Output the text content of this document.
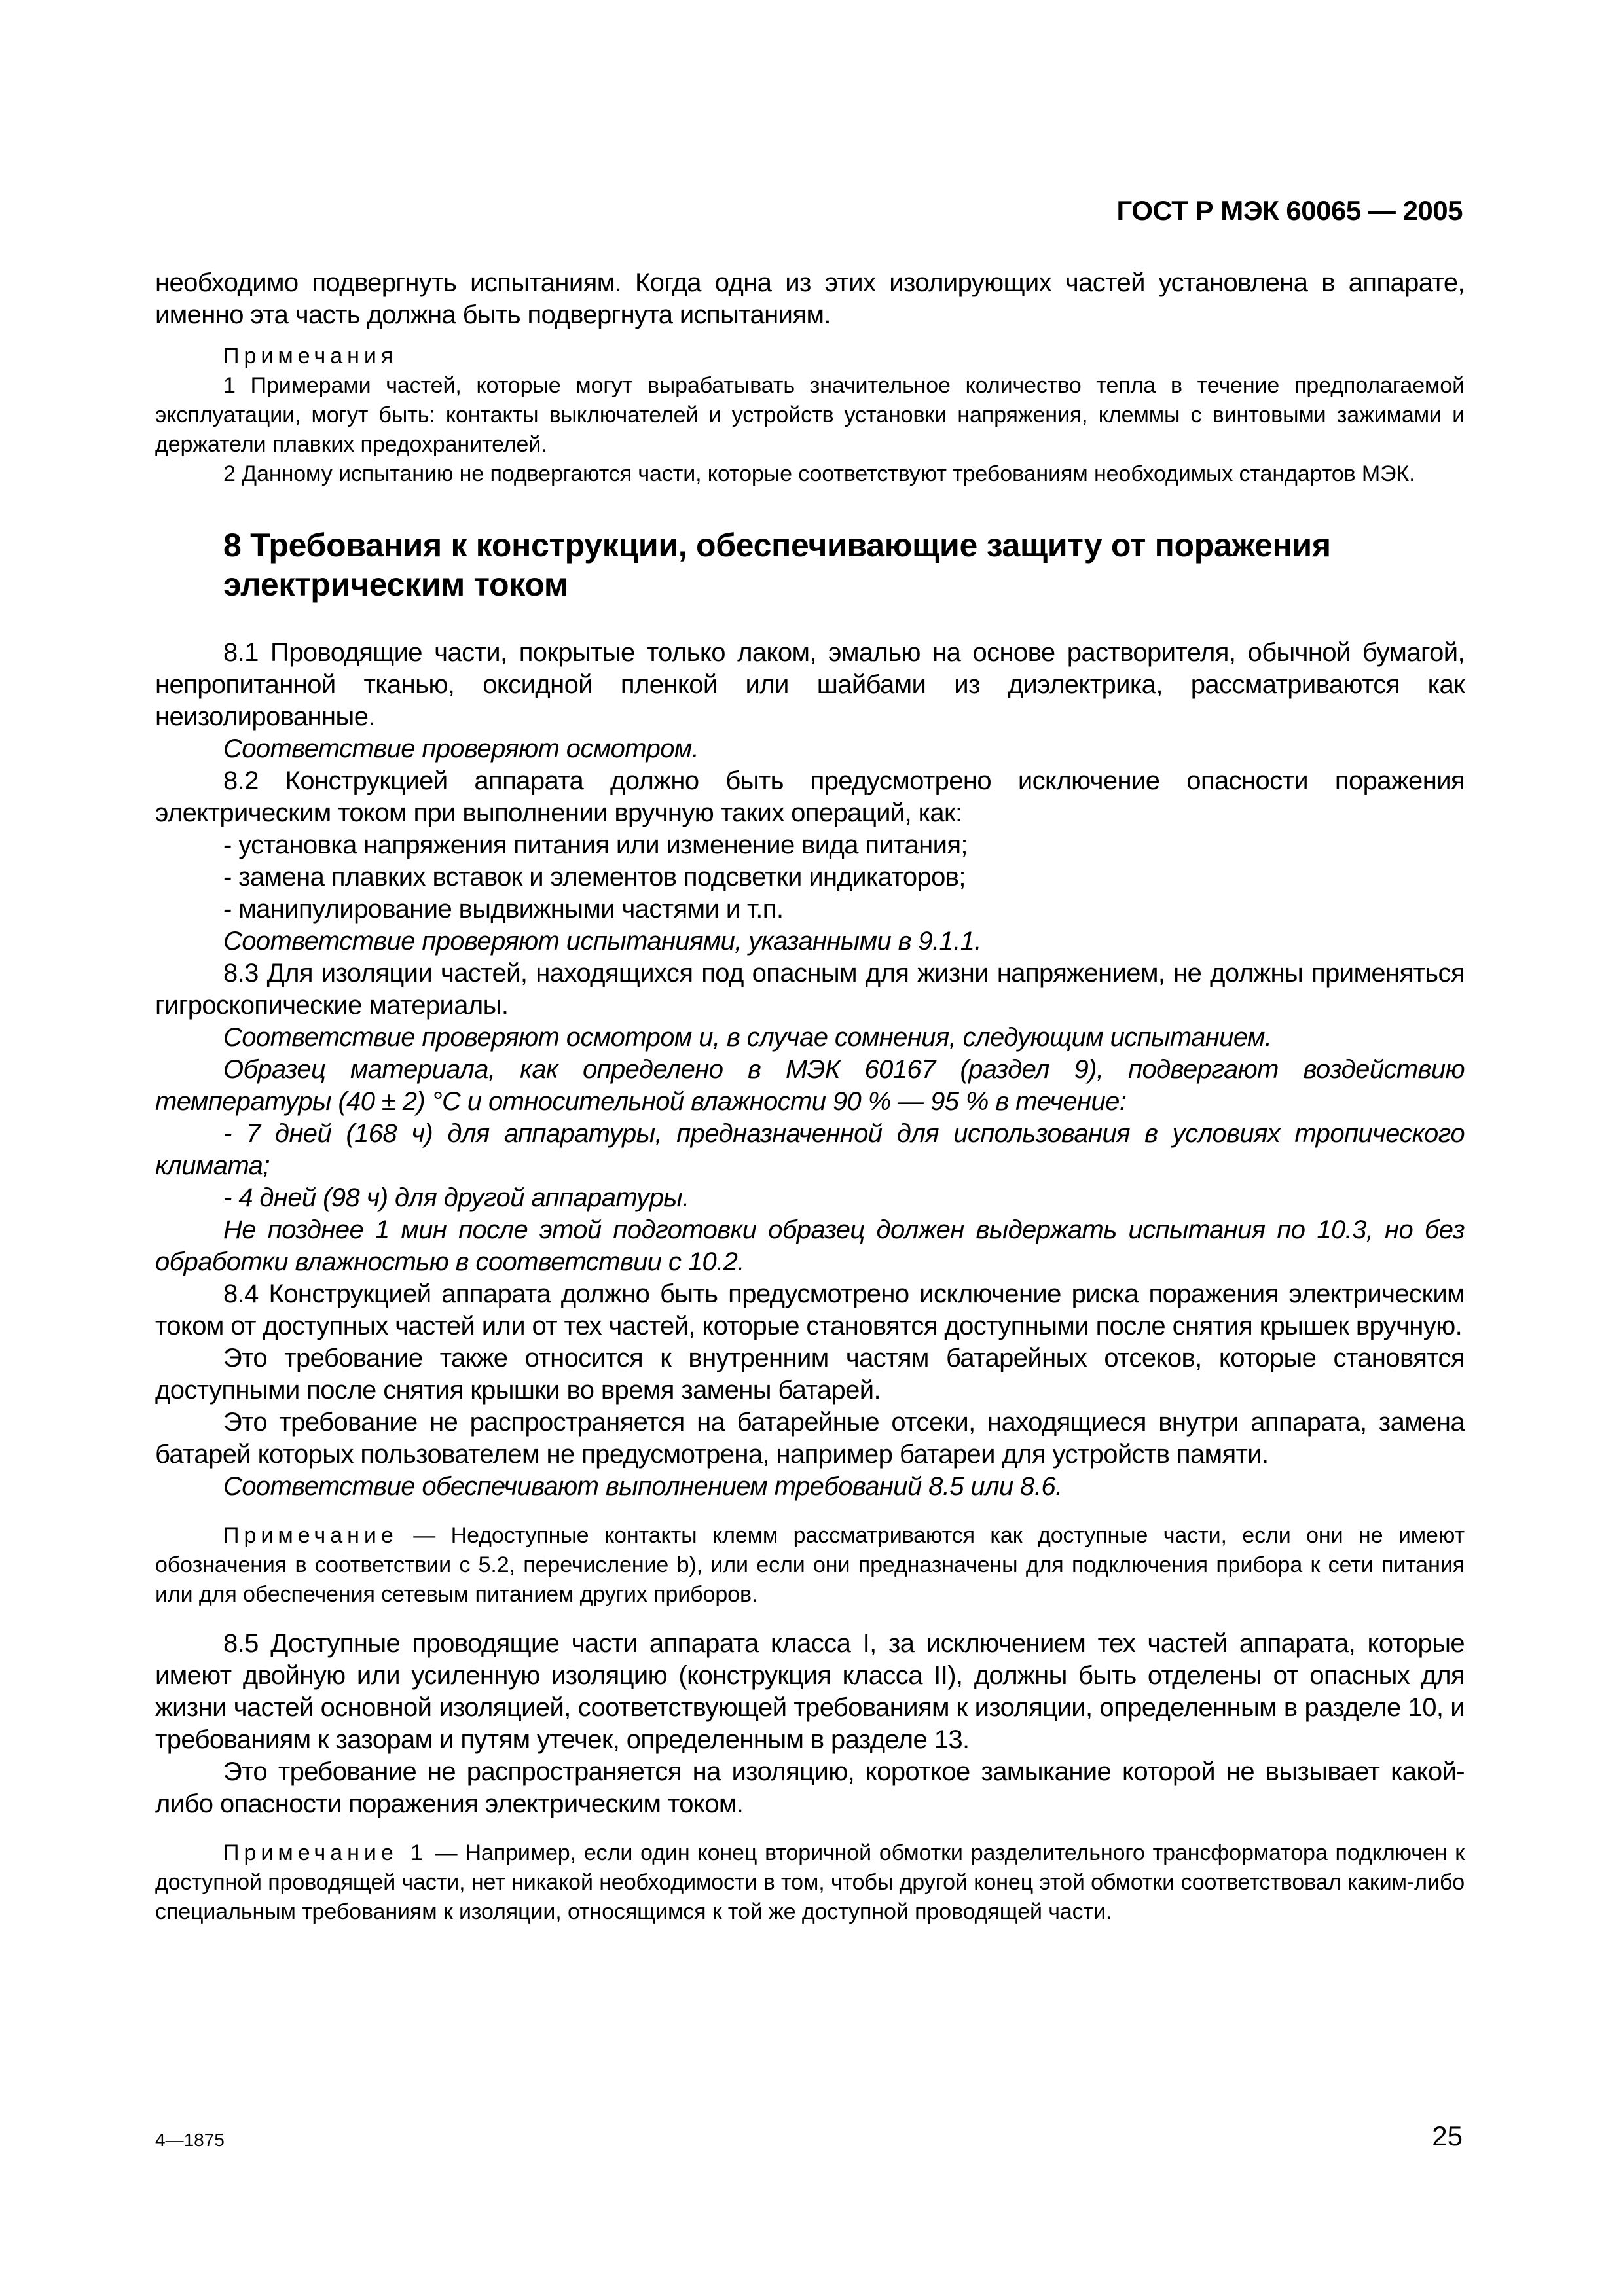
ГОСТ Р МЭК 60065 — 2005

необходимо подвергнуть испытаниям. Когда одна из этих изолирующих частей установлена в аппарате, именно эта часть должна быть подвергнута испытаниям.

Примечания

1 Примерами частей, которые могут вырабатывать значительное количество тепла в течение предполагаемой эксплуатации, могут быть: контакты выключателей и устройств установки напряжения, клеммы с винтовыми зажимами и держатели плавких предохранителей.

2 Данному испытанию не подвергаются части, которые соответствуют требованиям необходимых стандартов МЭК.

8 Требования к конструкции, обеспечивающие защиту от поражения электрическим током

8.1 Проводящие части, покрытые только лаком, эмалью на основе растворителя, обычной бумагой, непропитанной тканью, оксидной пленкой или шайбами из диэлектрика, рассматриваются как неизолированные.

Соответствие проверяют осмотром.

8.2 Конструкцией аппарата должно быть предусмотрено исключение опасности поражения электрическим током при выполнении вручную таких операций, как:

- установка напряжения питания или изменение вида питания;

- замена плавких вставок и элементов подсветки индикаторов;

- манипулирование выдвижными частями и т.п.

Соответствие проверяют испытаниями, указанными в 9.1.1.

8.3 Для изоляции частей, находящихся под опасным для жизни напряжением, не должны применяться гигроскопические материалы.

Соответствие проверяют осмотром и, в случае сомнения, следующим испытанием.

Образец материала, как определено в МЭК 60167 (раздел 9), подвергают воздействию температуры (40 ± 2) °С и относительной влажности 90 % — 95 % в течение:

- 7 дней (168 ч) для аппаратуры, предназначенной для использования в условиях тропического климата;

- 4 дней (98 ч) для другой аппаратуры.

Не позднее 1 мин после этой подготовки образец должен выдержать испытания по 10.3, но без обработки влажностью в соответствии с 10.2.

8.4 Конструкцией аппарата должно быть предусмотрено исключение риска поражения электрическим током от доступных частей или от тех частей, которые становятся доступными после снятия крышек вручную.

Это требование также относится к внутренним частям батарейных отсеков, которые становятся доступными после снятия крышки во время замены батарей.

Это требование не распространяется на батарейные отсеки, находящиеся внутри аппарата, замена батарей которых пользователем не предусмотрена, например батареи для устройств памяти.

Соответствие обеспечивают выполнением требований 8.5 или 8.6.

Примечание — Недоступные контакты клемм рассматриваются как доступные части, если они не имеют обозначения в соответствии с 5.2, перечисление b), или если они предназначены для подключения прибора к сети питания или для обеспечения сетевым питанием других приборов.

8.5 Доступные проводящие части аппарата класса I, за исключением тех частей аппарата, которые имеют двойную или усиленную изоляцию (конструкция класса II), должны быть отделены от опасных для жизни частей основной изоляцией, соответствующей требованиям к изоляции, определенным в разделе 10, и требованиям к зазорам и путям утечек, определенным в разделе 13.

Это требование не распространяется на изоляцию, короткое замыкание которой не вызывает какой-либо опасности поражения электрическим током.

Примечание 1 — Например, если один конец вторичной обмотки разделительного трансформатора подключен к доступной проводящей части, нет никакой необходимости в том, чтобы другой конец этой обмотки соответствовал каким-либо специальным требованиям к изоляции, относящимся к той же доступной проводящей части.

4—1875	25
